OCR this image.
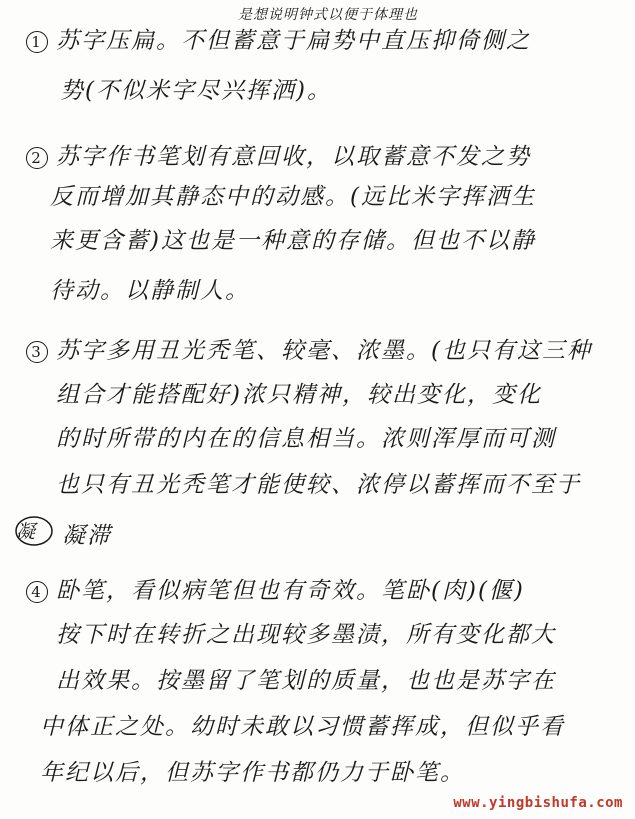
是想说明钟式以便于体理也
1 苏字压扁。不但蓄意于扁势中直压抑倚侧之
势(不似米字尽兴挥洒)。
2 苏字作书笔划有意回收，以取蓄意不发之势
反而增加其静态中的动感。(远比米字挥洒生
来更含蓄)这也是一种意的存储。但也不以静
待动。以静制人。
3 苏字多用丑光秃笔、较毫、浓墨。(也只有这三种
组合才能搭配好)浓只精神，较出变化，变化
的时所带的内在的信息相当。浓则浑厚而可测
也只有丑光秃笔才能使较、浓停以蓄挥而不至于
凝 凝滞
4 卧笔，看似病笔但也有奇效。笔卧(肉)(偃)
按下时在转折之出现较多墨渍，所有变化都大
出效果。按墨留了笔划的质量，也也是苏字在
中体正之处。幼时未敢以习惯蓄挥成，但似乎看
年纪以后，但苏字作书都仍力于卧笔。
www.yingbishufa.com
